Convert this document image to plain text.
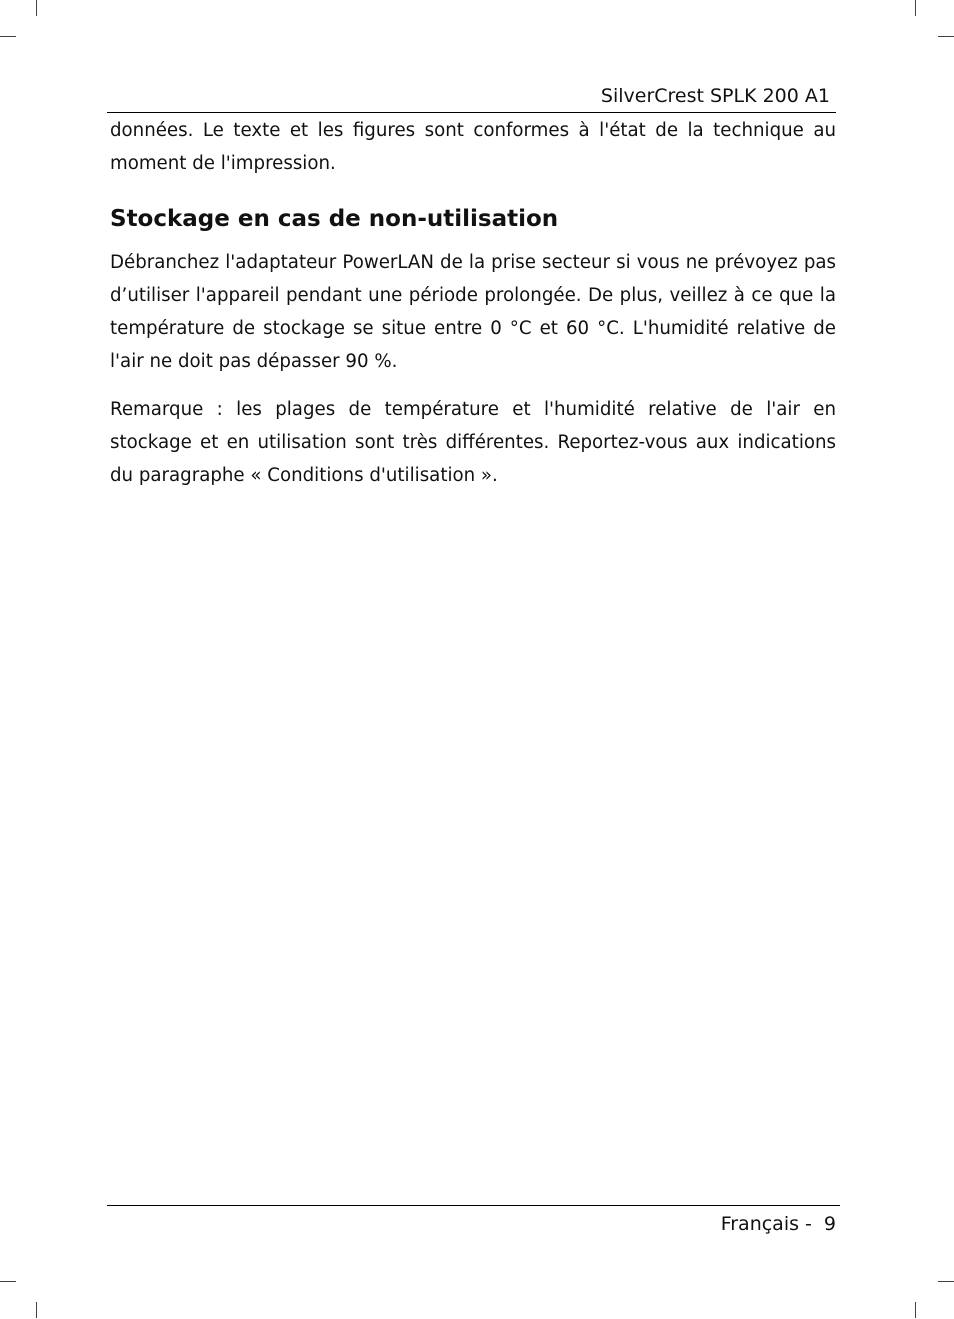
SilverCrest SPLK 200 A1

données. Le texte et les figures sont conformes à l'état de la technique au moment de l'impression.

Stockage en cas de non-utilisation

Débranchez l'adaptateur PowerLAN de la prise secteur si vous ne prévoyez pas d’utiliser l'appareil pendant une période prolongée. De plus, veillez à ce que la température de stockage se situe entre 0 °C et 60 °C. L'humidité relative de l'air ne doit pas dépasser 90 %.

Remarque : les plages de température et l'humidité relative de l'air en stockage et en utilisation sont très différentes. Reportez-vous aux indications du paragraphe « Conditions d'utilisation ».

Français - 9
